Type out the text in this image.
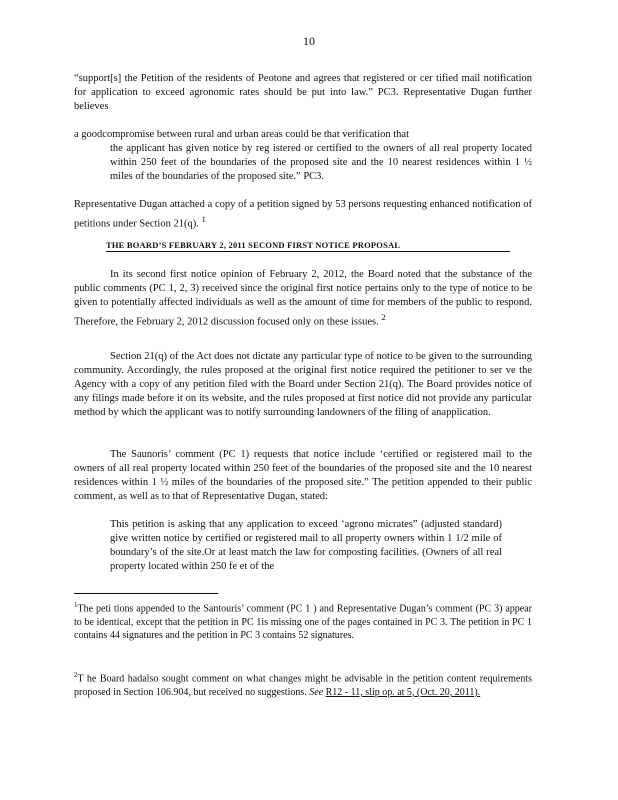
10

“support[s] the Petition of the residents of Peotone and agrees that registered or cer tified mail notification for application to exceed agronomic rates should be put into law.” PC3. Representative Dugan further believes

a goodcompromise between rural and urban areas could be that verification that

the applicant has given notice by reg istered or certified to the owners of all real property located within 250 feet of the boundaries of the proposed site and the 10 nearest residences within 1 ½ miles of the boundaries of the proposed site.” PC3.

Representative Dugan attached a copy of a petition signed by 53 persons requesting enhanced notification of petitions under Section 21(q). $^1$

THE BOARD’S FEBRUARY 2, 2011 SECOND FIRST NOTICE PROPOSAL

In its second first notice opinion of February 2, 2012, the Board noted that the substance of the public comments (PC 1, 2, 3) received since the original first notice pertains only to the type of notice to be given to potentially affected individuals as well as the amount of time for members of the public to respond. Therefore, the February 2, 2012 discussion focused only on these issues. $^2$

Section 21(q) of the Act does not dictate any particular type of notice to be given to the surrounding community. Accordingly, the rules proposed at the original first notice required the petitioner to ser ve the Agency with a copy of any petition filed with the Board under Section 21(q). The Board provides notice of any filings made before it on its website, and the rules proposed at first notice did not provide any particular method by which the applicant was to notify surrounding landowners of the filing of anapplication.

The Saunoris’ comment (PC 1) requests that notice include ‘certified or registered mail to the owners of all real property located within 250 feet of the boundaries of the proposed site and the 10 nearest residences within 1 ½ miles of the boundaries of the proposed site.” The petition appended to their public comment, as well as to that of Representative Dugan, stated:

This petition is asking that any application to exceed ‘agrono micrates” (adjusted standard) give written notice by certified or registered mail to all property owners within 1 1/2 mile of boundary’s of the site.Or at least match the law for composting facilities. (Owners of all real property located within 250 fe et of the
$^1$The peti tions appended to the Santouris’ comment (PC 1 ) and Representative Dugan’s comment (PC 3) appear to be identical, except that the petition in PC 1is missing one of the pages contained in PC 3. The petition in PC 1 contains 44 signatures and the petition in PC 3 contains 52 signatures.
$^2$T he Board hadalso sought comment on what changes might be advisable in the petition content requirements proposed in Section 106.904, but received no suggestions. See R12 - 11, slip op. at 5, (Oct. 20, 2011).
